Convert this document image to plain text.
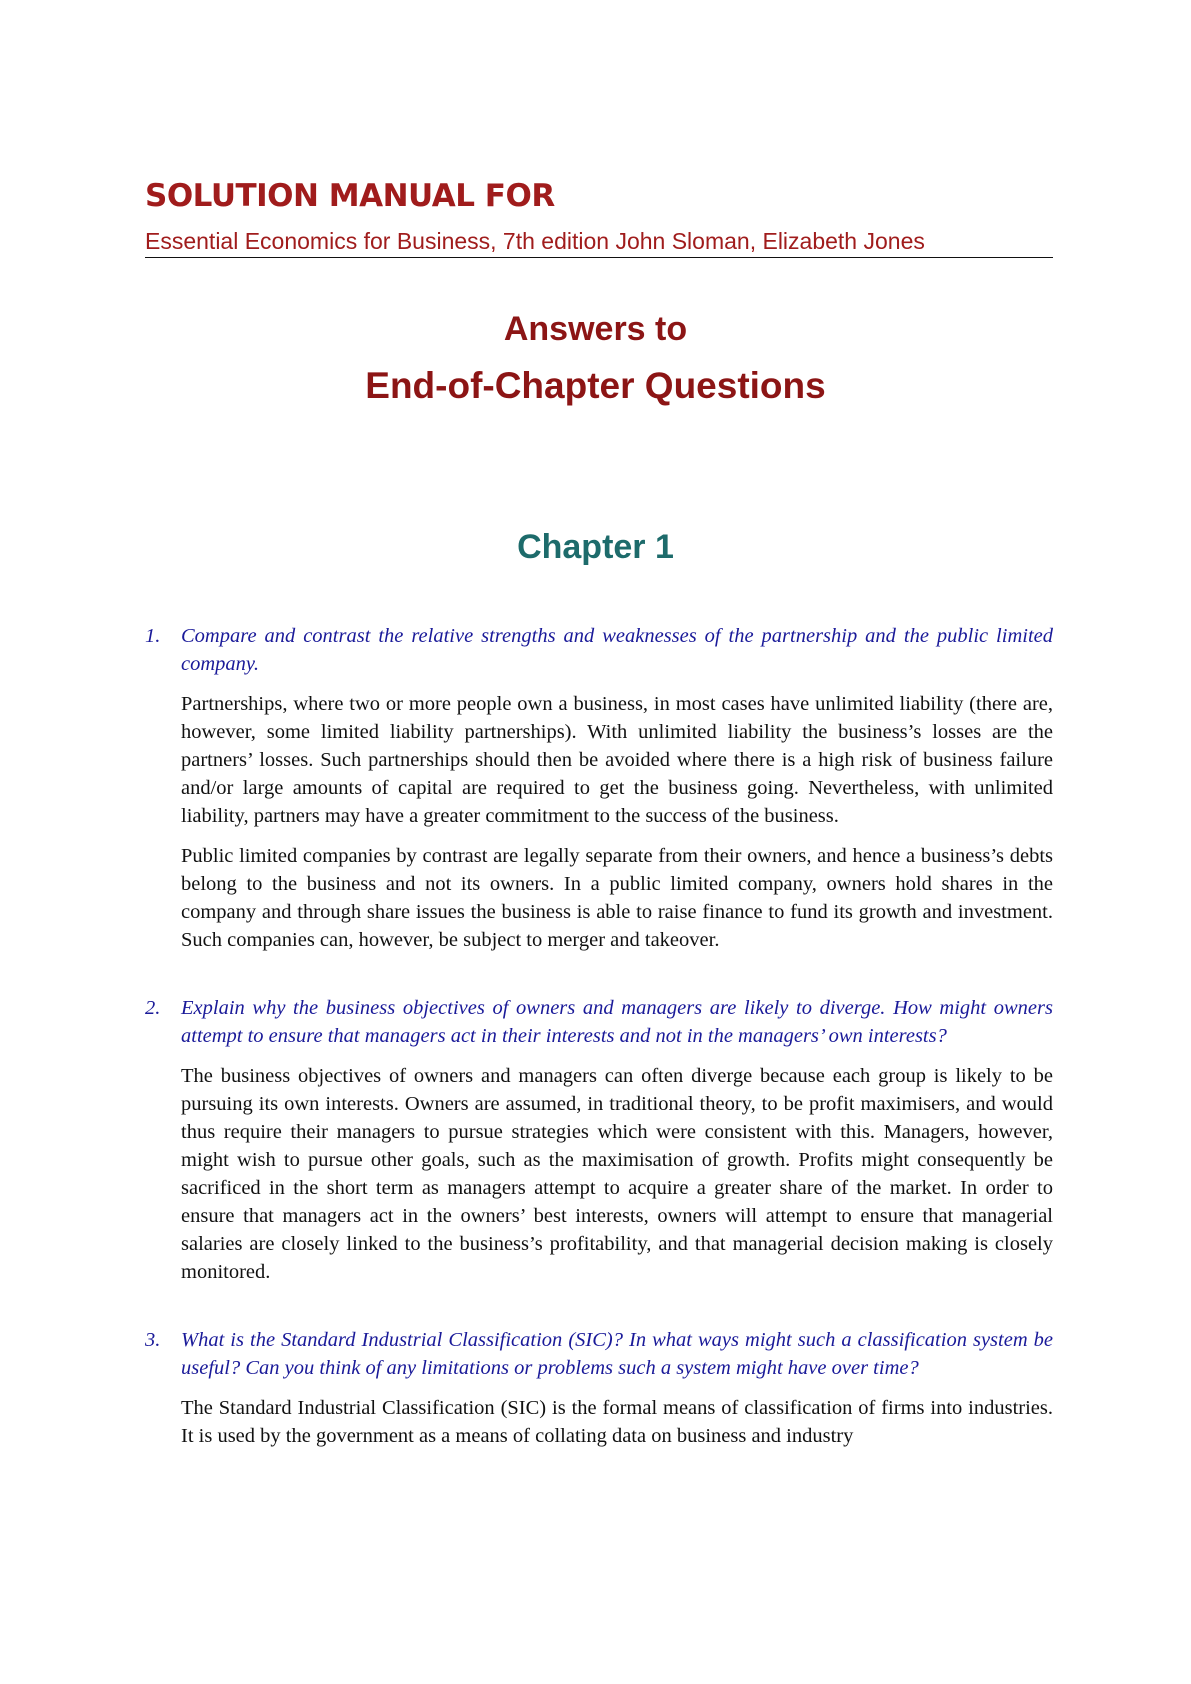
SOLUTION MANUAL FOR
Essential Economics for Business, 7th edition John Sloman, Elizabeth Jones
Answers to
End-of-Chapter Questions
Chapter 1
1.	Compare and contrast the relative strengths and weaknesses of the partnership and the public limited company.

Partnerships, where two or more people own a business, in most cases have unlimited liability (there are, however, some limited liability partnerships). With unlimited liability the business’s losses are the partners’ losses. Such partnerships should then be avoided where there is a high risk of business failure and/or large amounts of capital are required to get the business going. Nevertheless, with unlimited liability, partners may have a greater commitment to the success of the business.

Public limited companies by contrast are legally separate from their owners, and hence a business’s debts belong to the business and not its owners. In a public limited company, owners hold shares in the company and through share issues the business is able to raise finance to fund its growth and investment. Such companies can, however, be subject to merger and takeover.

2.	Explain why the business objectives of owners and managers are likely to diverge. How might owners attempt to ensure that managers act in their interests and not in the managers’ own interests?

The business objectives of owners and managers can often diverge because each group is likely to be pursuing its own interests. Owners are assumed, in traditional theory, to be profit maximisers, and would thus require their managers to pursue strategies which were consistent with this. Managers, however, might wish to pursue other goals, such as the maximisation of growth. Profits might consequently be sacrificed in the short term as managers attempt to acquire a greater share of the market. In order to ensure that managers act in the owners’ best interests, owners will attempt to ensure that managerial salaries are closely linked to the business’s profitability, and that managerial decision making is closely monitored.

3.	What is the Standard Industrial Classification (SIC)? In what ways might such a classification system be useful? Can you think of any limitations or problems such a system might have over time?

The Standard Industrial Classification (SIC) is the formal means of classification of firms into industries. It is used by the government as a means of collating data on business and industry
